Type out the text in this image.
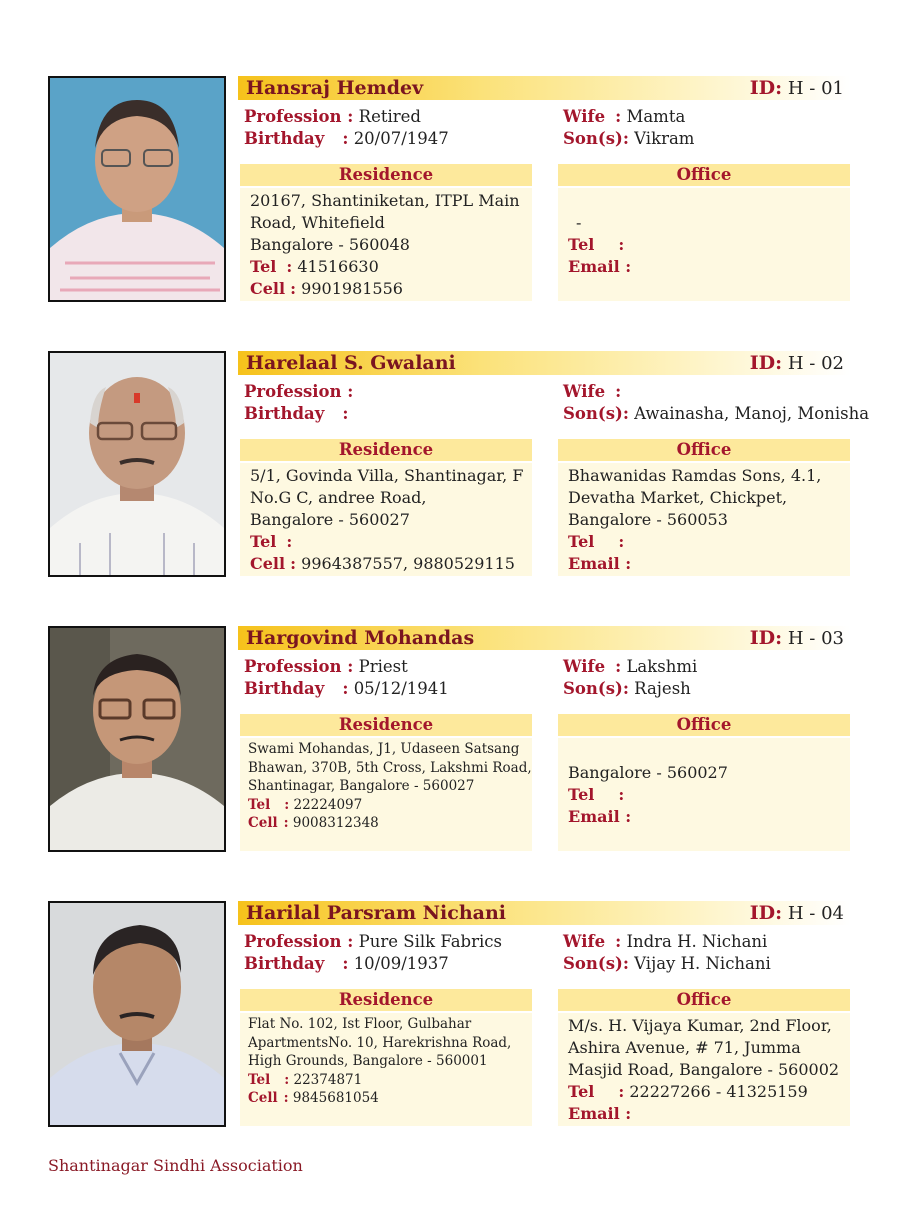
Hansraj Hemdev	ID: H - 01
Profession : Retired
Birthday : 20/07/1947
Wife : Mamta
Son(s): Vikram
Residence
20167, Shantiniketan, ITPL Main
Road, Whitefield
Bangalore - 560048
Tel : 41516630
Cell : 9901981556
Office
-
Tel :
Email :
Harelaal S. Gwalani	ID: H - 02
Profession :
Birthday :
Wife :
Son(s): Awainasha, Manoj, Monisha
Residence
5/1, Govinda Villa, Shantinagar, F
No.G C, andree Road,
Bangalore - 560027
Tel :
Cell : 9964387557, 9880529115
Office
Bhawanidas Ramdas Sons, 4.1,
Devatha Market, Chickpet,
Bangalore - 560053
Tel :
Email :
Hargovind Mohandas	ID: H - 03
Profession : Priest
Birthday : 05/12/1941
Wife : Lakshmi
Son(s): Rajesh
Residence
Swami Mohandas, J1, Udaseen Satsang
Bhawan, 370B, 5th Cross, Lakshmi Road,
Shantinagar, Bangalore - 560027
Tel : 22224097
Cell : 9008312348
Office
Bangalore - 560027
Tel :
Email :
Harilal Parsram Nichani	ID: H - 04
Profession : Pure Silk Fabrics
Birthday : 10/09/1937
Wife : Indra H. Nichani
Son(s): Vijay H. Nichani
Residence
Flat No. 102, Ist Floor, Gulbahar
ApartmentsNo. 10, Harekrishna Road,
High Grounds, Bangalore - 560001
Tel : 22374871
Cell : 9845681054
Office
M/s. H. Vijaya Kumar, 2nd Floor,
Ashira Avenue, # 71, Jumma
Masjid Road, Bangalore - 560002
Tel : 22227266 - 41325159
Email :
Shantinagar Sindhi Association
